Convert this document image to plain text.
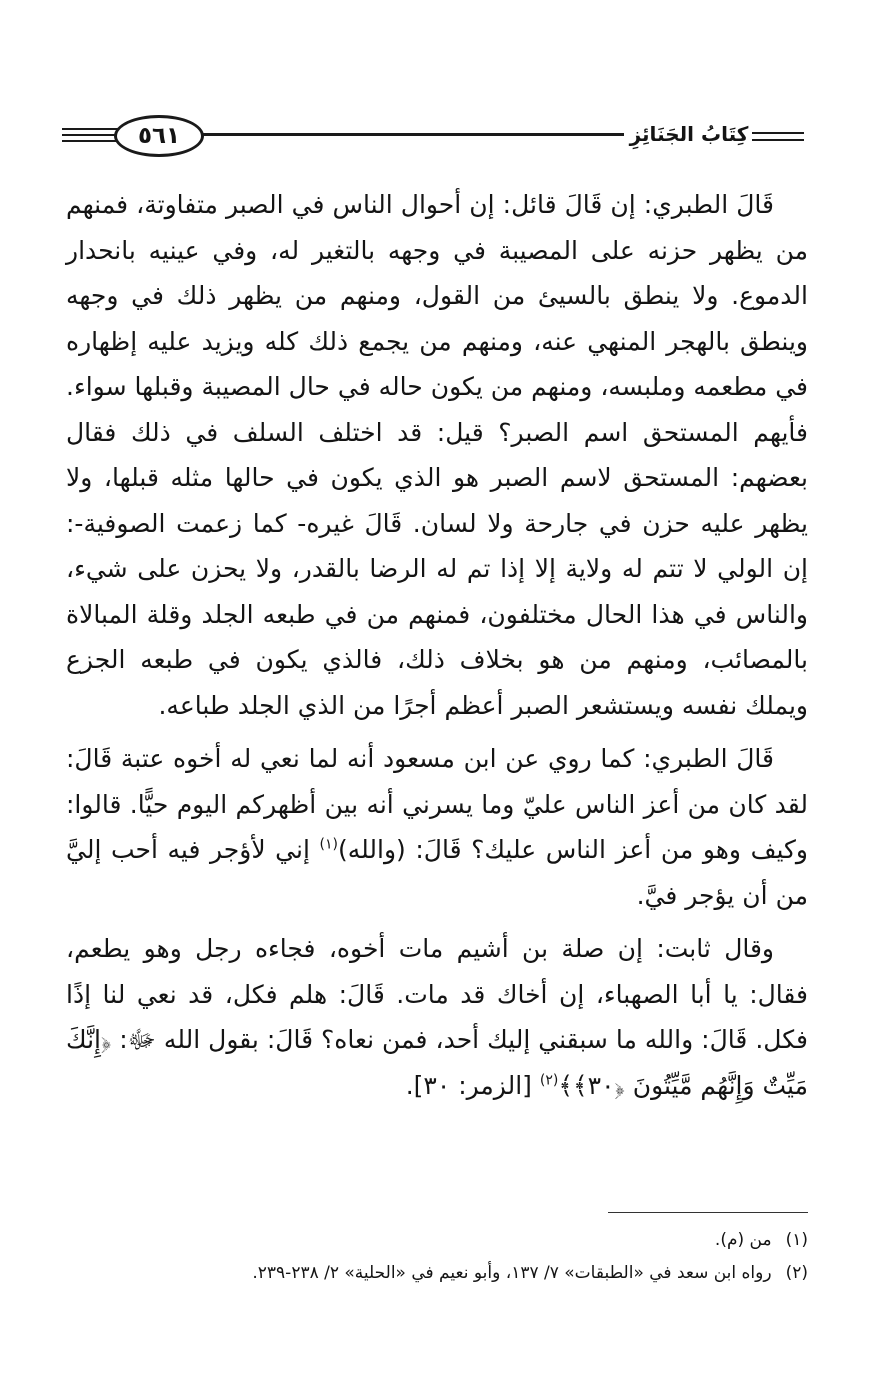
٥٦١	كِتَابُ الجَنَائِزِ

قَالَ الطبري: إن قَالَ قائل: إن أحوال الناس في الصبر متفاوتة، فمنهم من يظهر حزنه على المصيبة في وجهه بالتغير له، وفي عينيه بانحدار الدموع. ولا ينطق بالسيئ من القول، ومنهم من يظهر ذلك في وجهه وينطق بالهجر المنهي عنه، ومنهم من يجمع ذلك كله ويزيد عليه إظهاره في مطعمه وملبسه، ومنهم من يكون حاله في حال المصيبة وقبلها سواء. فأيهم المستحق اسم الصبر؟ قيل: قد اختلف السلف في ذلك فقال بعضهم: المستحق لاسم الصبر هو الذي يكون في حالها مثله قبلها، ولا يظهر عليه حزن في جارحة ولا لسان. قَالَ غيره- كما زعمت الصوفية-: إن الولي لا تتم له ولاية إلا إذا تم له الرضا بالقدر، ولا يحزن على شيء، والناس في هذا الحال مختلفون، فمنهم من في طبعه الجلد وقلة المبالاة بالمصائب، ومنهم من هو بخلاف ذلك، فالذي يكون في طبعه الجزع ويملك نفسه ويستشعر الصبر أعظم أجرًا من الذي الجلد طباعه.

قَالَ الطبري: كما روي عن ابن مسعود أنه لما نعي له أخوه عتبة قَالَ: لقد كان من أعز الناس عليّ وما يسرني أنه بين أظهركم اليوم حيًّا. قالوا: وكيف وهو من أعز الناس عليك؟ قَالَ: (والله)$^{(١)}$ إني لأؤجر فيه أحب إليَّ من أن يؤجر فيَّ.

وقال ثابت: إن صلة بن أشيم مات أخوه، فجاءه رجل وهو يطعم، فقال: يا أبا الصهباء، إن أخاك قد مات. قَالَ: هلم فكل، قد نعي لنا إذًا فكل. قَالَ: والله ما سبقني إليك أحد، فمن نعاه؟ قَالَ: بقول الله ﷻ: ﴿إِنَّكَ مَيِّتٌ وَإِنَّهُم مَّيِّتُونَ ﴿٣٠﴾﴾$^{(٢)}$ [الزمر: ٣٠].

(١)من (م).

(٢)رواه ابن سعد في «الطبقات» ٧/ ١٣٧، وأبو نعيم في «الحلية» ٢/ ٢٣٨-٢٣٩.
